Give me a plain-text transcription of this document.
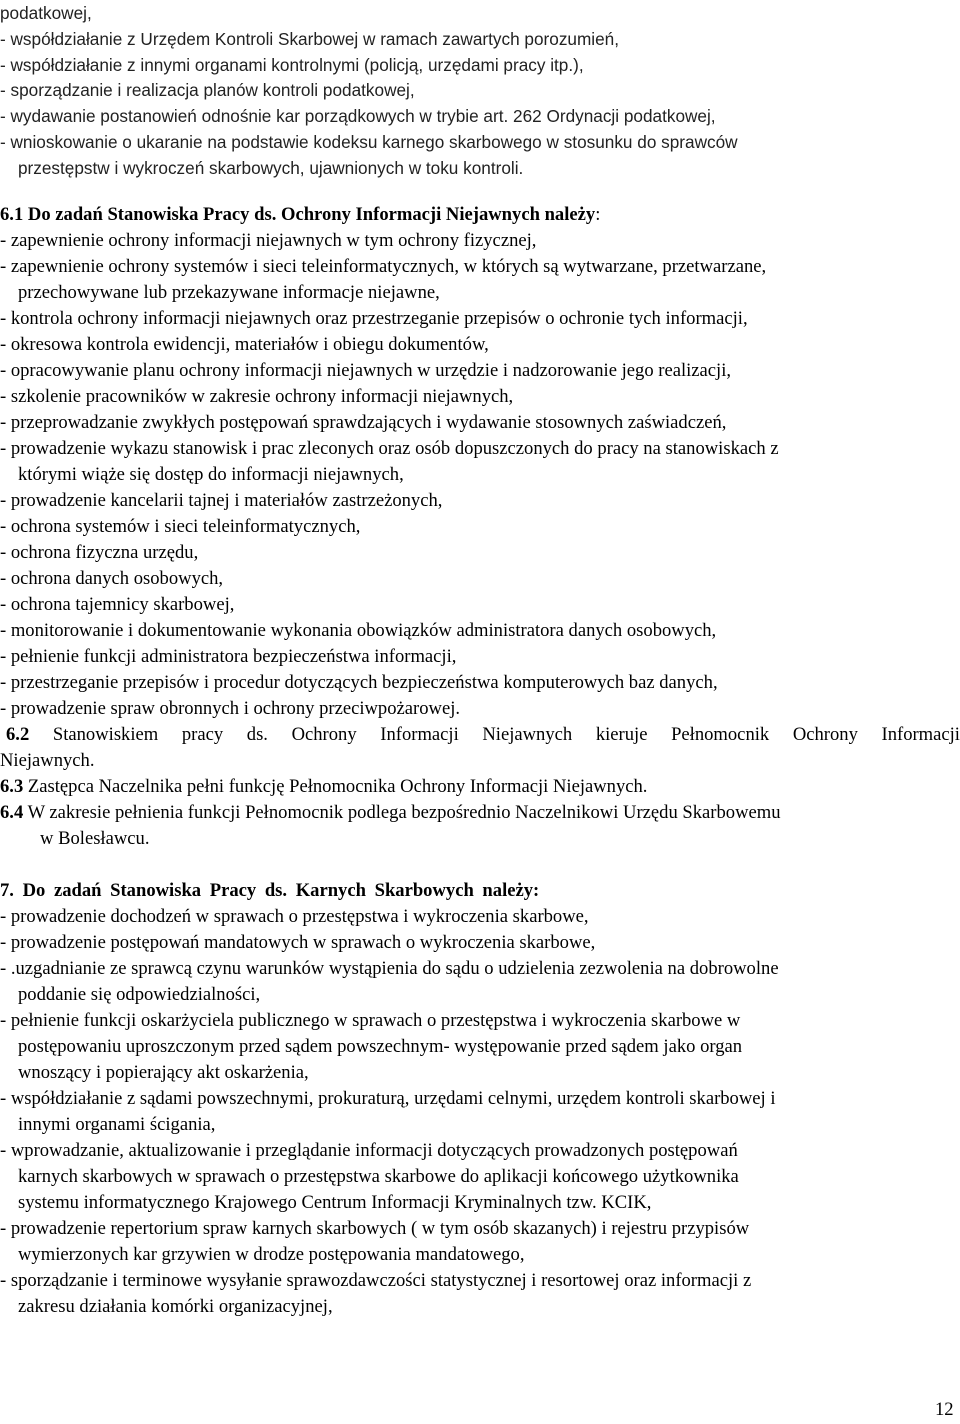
podatkowej,
- współdziałanie z Urzędem Kontroli Skarbowej w ramach zawartych porozumień,
- współdziałanie z innymi organami kontrolnymi (policją, urzędami pracy itp.),
- sporządzanie i realizacja planów kontroli podatkowej,
- wydawanie postanowień odnośnie kar porządkowych w trybie art. 262 Ordynacji podatkowej,
- wnioskowanie o ukaranie na podstawie kodeksu karnego skarbowego w stosunku do sprawców
przestępstw i wykroczeń skarbowych, ujawnionych w toku kontroli.
6.1 Do zadań Stanowiska Pracy ds. Ochrony Informacji Niejawnych należy:
- zapewnienie ochrony informacji niejawnych w tym ochrony fizycznej,
- zapewnienie ochrony systemów i sieci teleinformatycznych, w których są wytwarzane, przetwarzane,
przechowywane lub przekazywane informacje niejawne,
- kontrola ochrony informacji niejawnych oraz przestrzeganie przepisów o ochronie tych informacji,
- okresowa kontrola ewidencji, materiałów i obiegu dokumentów,
- opracowywanie planu ochrony informacji niejawnych w urzędzie i nadzorowanie jego realizacji,
- szkolenie pracowników w zakresie ochrony informacji niejawnych,
- przeprowadzanie zwykłych postępowań sprawdzających i wydawanie stosownych zaświadczeń,
- prowadzenie wykazu stanowisk i prac zleconych oraz osób dopuszczonych do pracy na stanowiskach z
którymi wiąże się dostęp do informacji niejawnych,
- prowadzenie kancelarii tajnej i materiałów zastrzeżonych,
- ochrona systemów i sieci teleinformatycznych,
- ochrona fizyczna urzędu,
- ochrona danych osobowych,
- ochrona tajemnicy skarbowej,
- monitorowanie i dokumentowanie wykonania obowiązków administratora danych osobowych,
- pełnienie funkcji administratora bezpieczeństwa informacji,
- przestrzeganie przepisów i procedur dotyczących bezpieczeństwa komputerowych baz danych,
- prowadzenie spraw obronnych i ochrony przeciwpożarowej.
6.2 Stanowiskiem pracy ds. Ochrony Informacji Niejawnych kieruje Pełnomocnik Ochrony Informacji
Niejawnych.
6.3 Zastępca Naczelnika pełni funkcję Pełnomocnika Ochrony Informacji Niejawnych.
6.4 W zakresie pełnienia funkcji Pełnomocnik podlega bezpośrednio Naczelnikowi Urzędu Skarbowemu
w Bolesławcu.
7. Do zadań Stanowiska Pracy ds. Karnych Skarbowych należy:
- prowadzenie dochodzeń w sprawach o przestępstwa i wykroczenia skarbowe,
- prowadzenie postępowań mandatowych w sprawach o wykroczenia skarbowe,
- .uzgadnianie ze sprawcą czynu warunków wystąpienia do sądu o udzielenia zezwolenia na dobrowolne
poddanie się odpowiedzialności,
- pełnienie funkcji oskarżyciela publicznego w sprawach o przestępstwa i wykroczenia skarbowe w
postępowaniu uproszczonym przed sądem powszechnym- występowanie przed sądem jako organ
wnoszący i popierający akt oskarżenia,
- współdziałanie z sądami powszechnymi, prokuraturą, urzędami celnymi, urzędem kontroli skarbowej i
innymi organami ścigania,
- wprowadzanie, aktualizowanie i przeglądanie informacji dotyczących prowadzonych postępowań
karnych skarbowych w sprawach o przestępstwa skarbowe do aplikacji końcowego użytkownika
systemu informatycznego Krajowego Centrum Informacji Kryminalnych tzw. KCIK,
- prowadzenie repertorium spraw karnych skarbowych ( w tym osób skazanych) i rejestru przypisów
wymierzonych kar grzywien w drodze postępowania mandatowego,
- sporządzanie i terminowe wysyłanie sprawozdawczości statystycznej i resortowej oraz informacji z
zakresu działania komórki organizacyjnej,
12
